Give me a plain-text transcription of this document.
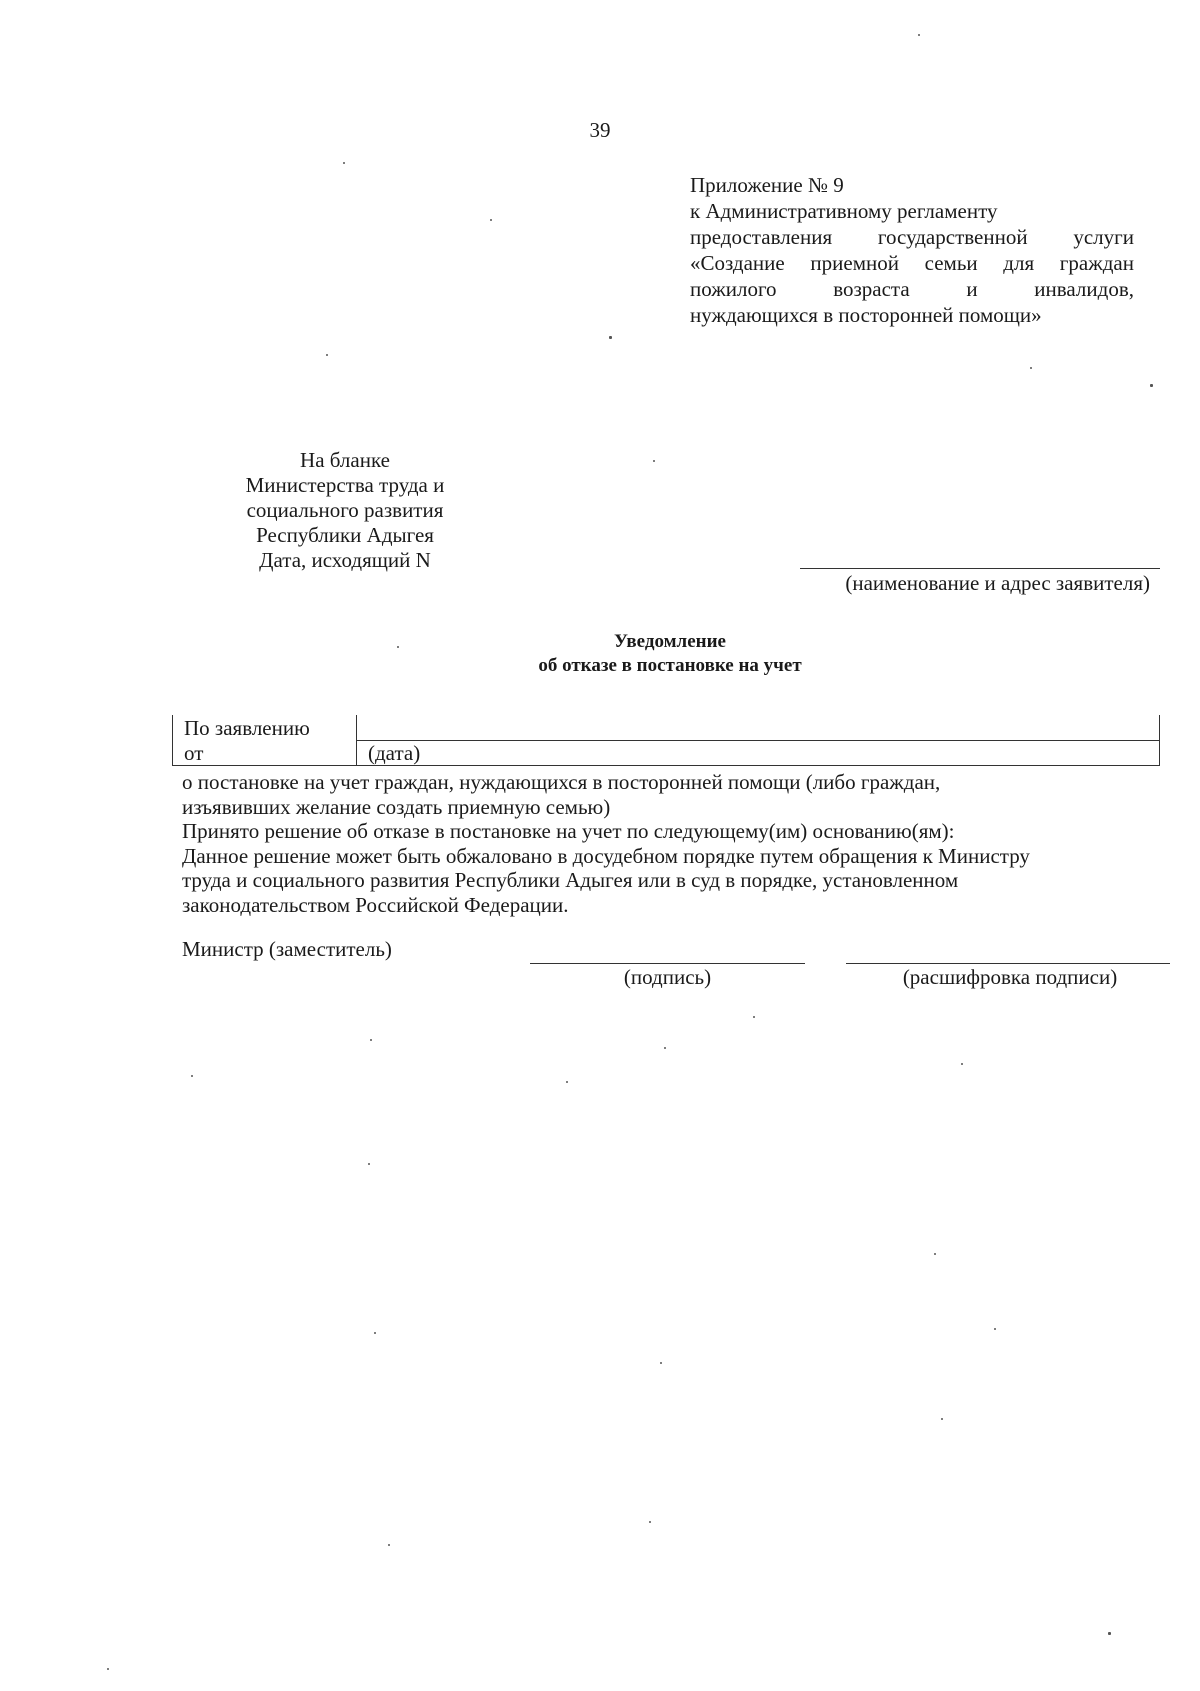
39
Приложение № 9
к Административному регламенту
предоставления государственной услуги
«Создание приемной семьи для граждан
пожилого возраста и инвалидов,
нуждающихся в посторонней помощи»
На бланке
Министерства труда и
социального развития
Республики Адыгея
Дата, исходящий N
(наименование и адрес заявителя)
Уведомление
об отказе в постановке на учет
По заявлению
от	(дата)
о постановке на учет граждан, нуждающихся в посторонней помощи (либо граждан,
изъявивших желание создать приемную семью)
Принято решение об отказе в постановке на учет по следующему(им) основанию(ям):
Данное решение может быть обжаловано в досудебном порядке путем обращения к Министру
труда и социального развития Республики Адыгея или в суд в порядке, установленном
законодательством Российской Федерации.
Министр (заместитель)
(подпись)	(расшифровка подписи)
